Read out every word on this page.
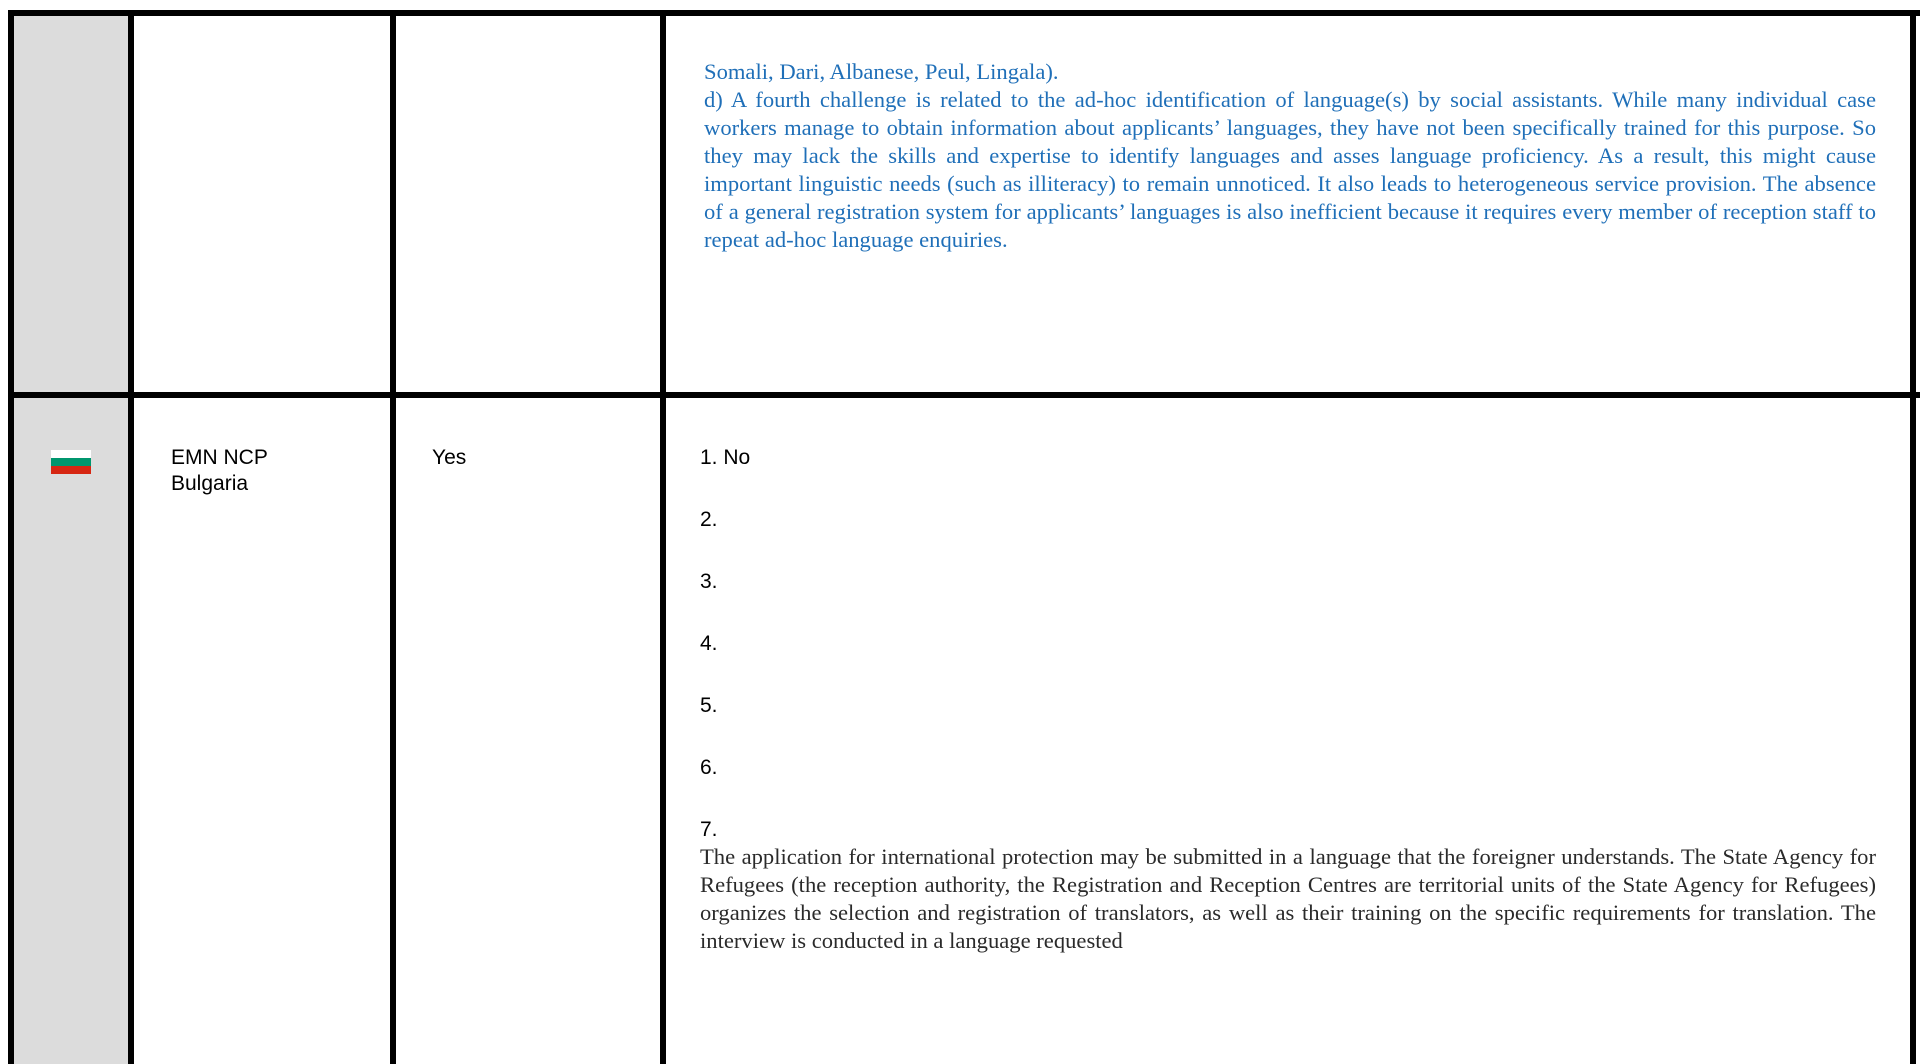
Somali, Dari, Albanese, Peul, Lingala).

d) A fourth challenge is related to the ad-hoc identification of language(s) by social assistants. While many individual case workers manage to obtain information about applicants’ languages, they have not been specifically trained for this purpose. So they may lack the skills and expertise to identify languages and asses language proficiency. As a result, this might cause important linguistic needs (such as illiteracy) to remain unnoticed. It also leads to heterogeneous service provision. The absence of a general registration system for applicants’ languages is also inefficient because it requires every member of reception staff to repeat ad-hoc language enquiries.

EMN NCP
Bulgaria
Yes	1. No

2.

3.

4.

5.

6.

7.

The application for international protection may be submitted in a language that the foreigner understands. The State Agency for Refugees (the reception authority, the Registration and Reception Centres are territorial units of the State Agency for Refugees) organizes the selection and registration of translators, as well as their training on the specific requirements for translation. The interview is conducted in a language requested
